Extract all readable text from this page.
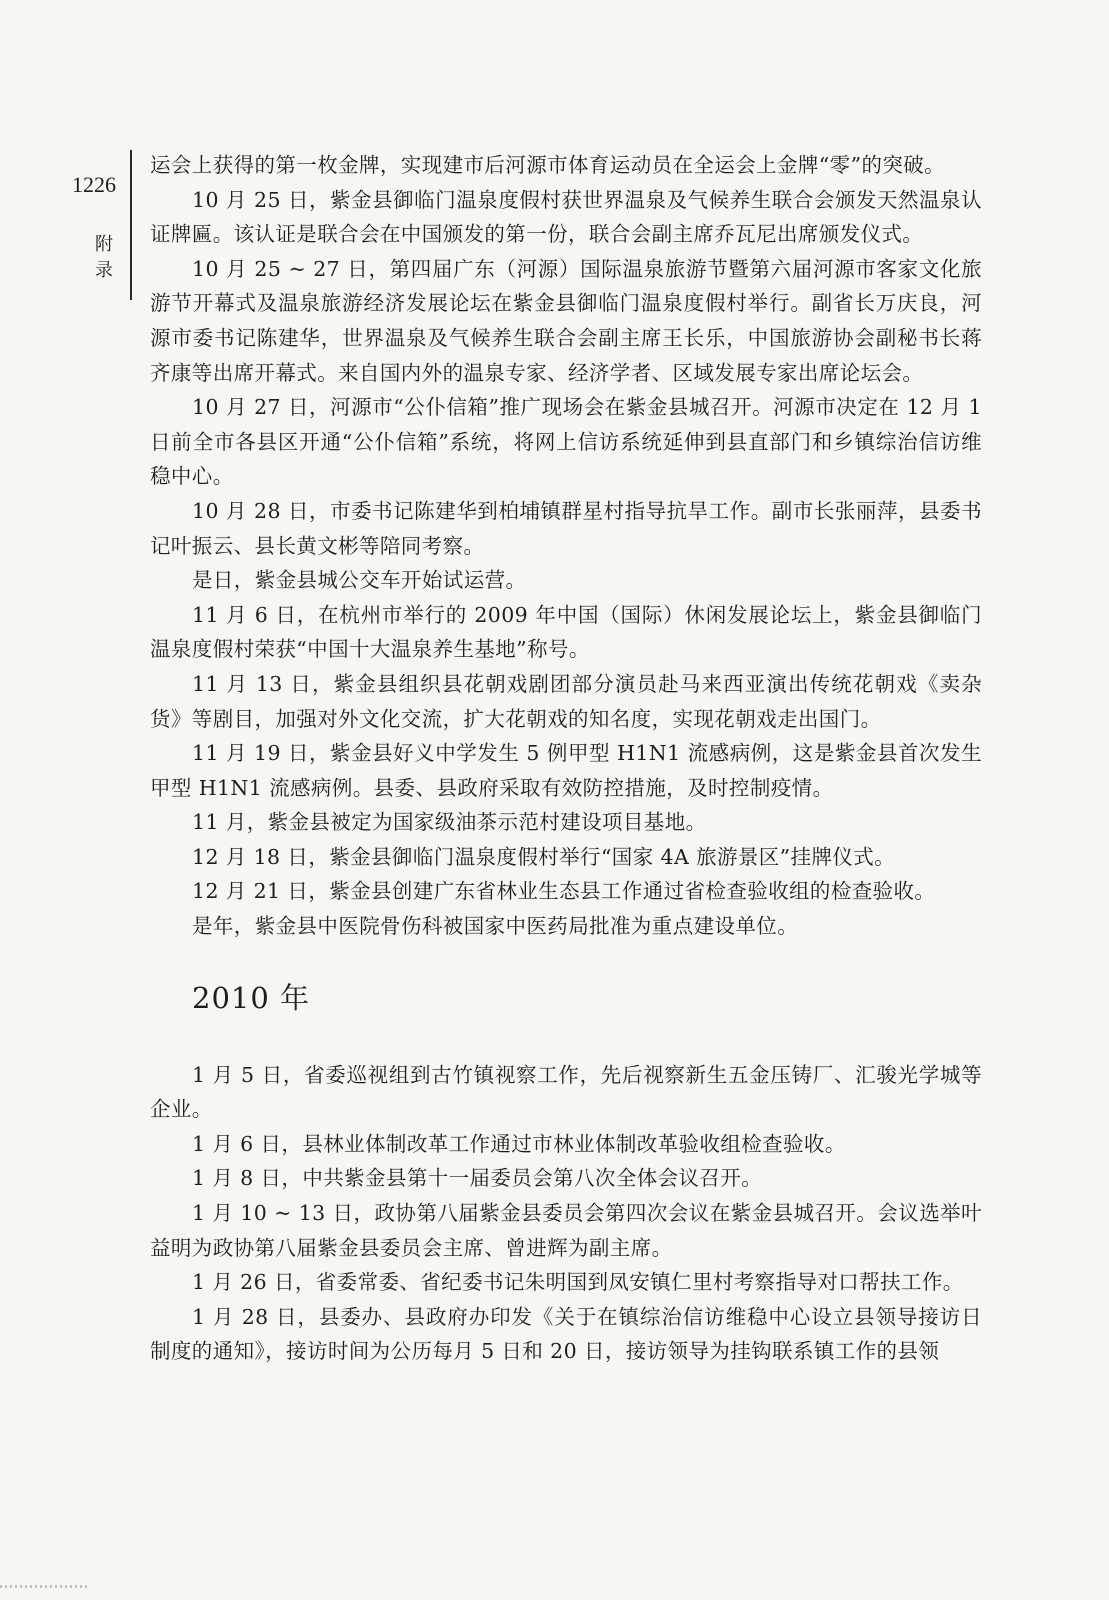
1226
附录

运会上获得的第一枚金牌，实现建市后河源市体育运动员在全运会上金牌“零”的突破。

10 月 25 日，紫金县御临门温泉度假村获世界温泉及气候养生联合会颁发天然温泉认证牌匾。该认证是联合会在中国颁发的第一份，联合会副主席乔瓦尼出席颁发仪式。

10 月 25 ~ 27 日，第四届广东（河源）国际温泉旅游节暨第六届河源市客家文化旅游节开幕式及温泉旅游经济发展论坛在紫金县御临门温泉度假村举行。副省长万庆良，河源市委书记陈建华，世界温泉及气候养生联合会副主席王长乐，中国旅游协会副秘书长蒋齐康等出席开幕式。来自国内外的温泉专家、经济学者、区域发展专家出席论坛会。

10 月 27 日，河源市“公仆信箱”推广现场会在紫金县城召开。河源市决定在 12 月 1 日前全市各县区开通“公仆信箱”系统，将网上信访系统延伸到县直部门和乡镇综治信访维稳中心。

10 月 28 日，市委书记陈建华到柏埔镇群星村指导抗旱工作。副市长张丽萍，县委书记叶振云、县长黄文彬等陪同考察。

是日，紫金县城公交车开始试运营。

11 月 6 日，在杭州市举行的 2009 年中国（国际）休闲发展论坛上，紫金县御临门温泉度假村荣获“中国十大温泉养生基地”称号。

11 月 13 日，紫金县组织县花朝戏剧团部分演员赴马来西亚演出传统花朝戏《卖杂货》等剧目，加强对外文化交流，扩大花朝戏的知名度，实现花朝戏走出国门。

11 月 19 日，紫金县好义中学发生 5 例甲型 H1N1 流感病例，这是紫金县首次发生甲型 H1N1 流感病例。县委、县政府采取有效防控措施，及时控制疫情。

11 月，紫金县被定为国家级油茶示范村建设项目基地。

12 月 18 日，紫金县御临门温泉度假村举行“国家 4A 旅游景区”挂牌仪式。

12 月 21 日，紫金县创建广东省林业生态县工作通过省检查验收组的检查验收。

是年，紫金县中医院骨伤科被国家中医药局批准为重点建设单位。

2010 年

1 月 5 日，省委巡视组到古竹镇视察工作，先后视察新生五金压铸厂、汇骏光学城等企业。

1 月 6 日，县林业体制改革工作通过市林业体制改革验收组检查验收。

1 月 8 日，中共紫金县第十一届委员会第八次全体会议召开。

1 月 10 ~ 13 日，政协第八届紫金县委员会第四次会议在紫金县城召开。会议选举叶益明为政协第八届紫金县委员会主席、曾进辉为副主席。

1 月 26 日，省委常委、省纪委书记朱明国到凤安镇仁里村考察指导对口帮扶工作。

1 月 28 日，县委办、县政府办印发《关于在镇综治信访维稳中心设立县领导接访日制度的通知》，接访时间为公历每月 5 日和 20 日，接访领导为挂钩联系镇工作的县领
